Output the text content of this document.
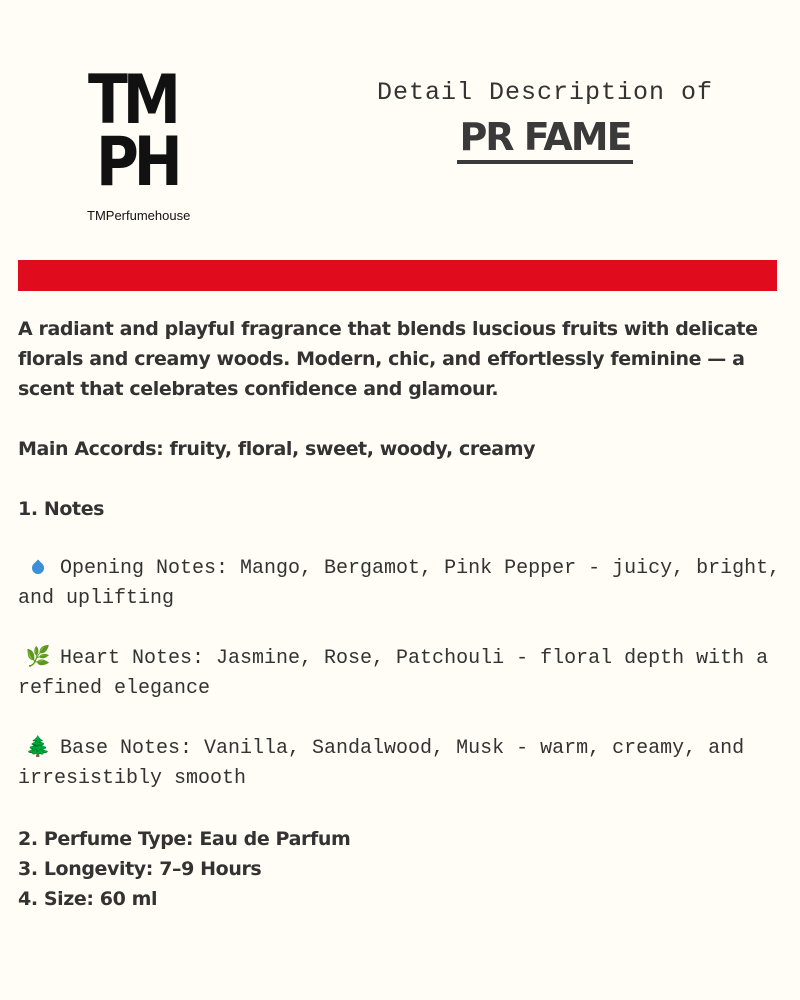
TM
PH
TMPerfumehouse
Detail Description of
PR FAME

A radiant and playful fragrance that blends luscious fruits with delicate florals and creamy woods. Modern, chic, and effortlessly feminine — a scent that celebrates confidence and glamour.

Main Accords: fruity, floral, sweet, woody, creamy

1. Notes

Opening Notes: Mango, Bergamot, Pink Pepper - juicy, bright, and uplifting

🌿 Heart Notes: Jasmine, Rose, Patchouli - floral depth with a refined elegance

🌲 Base Notes: Vanilla, Sandalwood, Musk - warm, creamy, and irresistibly smooth

2. Perfume Type: Eau de Parfum

3. Longevity: 7–9 Hours

4. Size: 60 ml
